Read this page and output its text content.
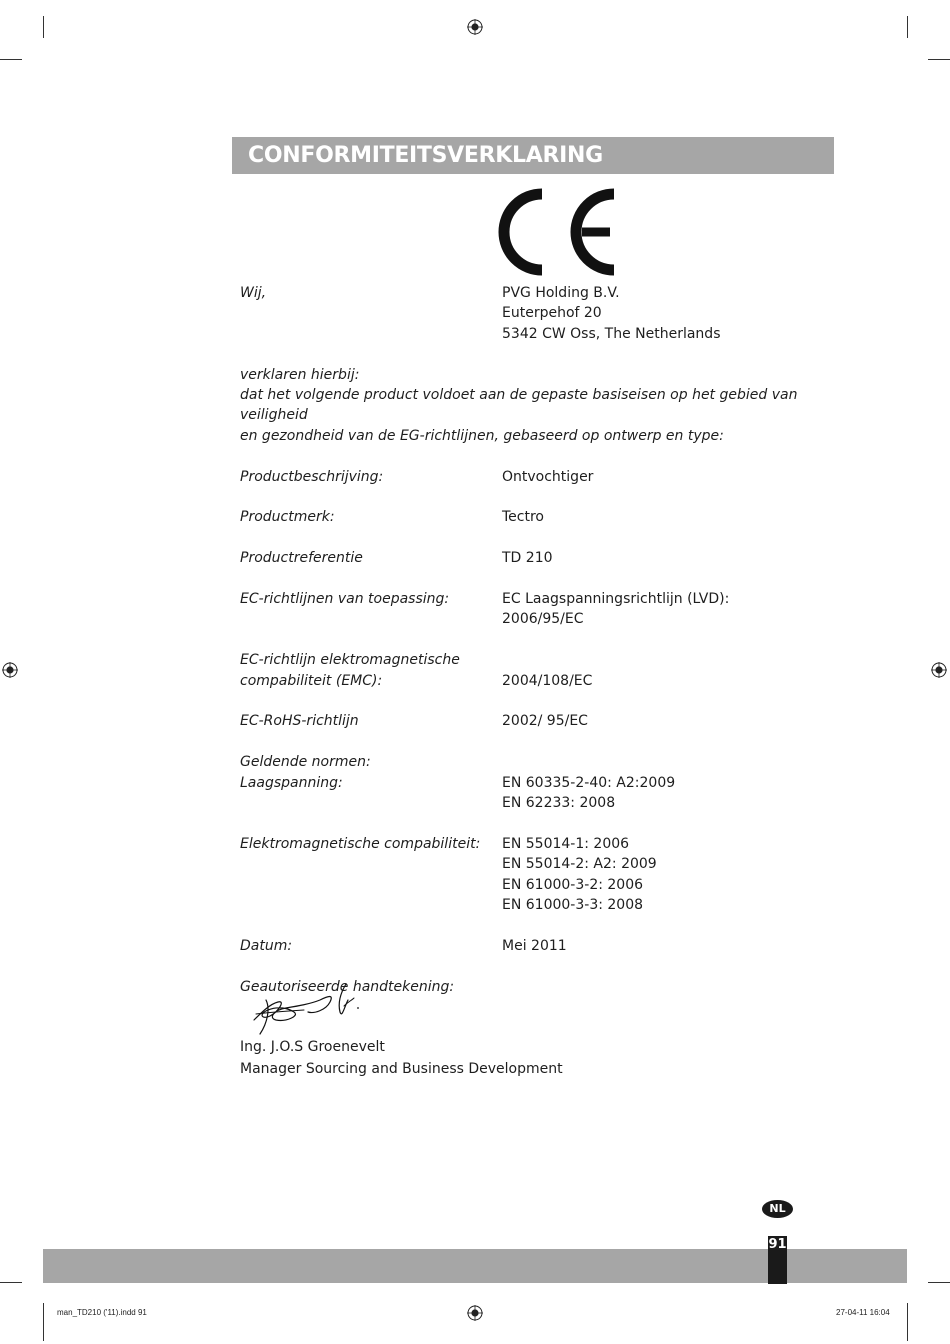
CONFORMITEITSVERKLARING
Wij,	PVG Holding B.V.
Euterpehof 20
5342 CW Oss, The Netherlands
verklaren hierbij:
dat het volgende product voldoet aan de gepaste basiseisen op het gebied van veiligheid
en gezondheid van de EG-richtlijnen, gebaseerd op ontwerp en type:
Productbeschrijving:	Ontvochtiger
Productmerk:	Tectro
Productreferentie	TD 210
EC-richtlijnen van toepassing:	EC Laagspanningsrichtlijn (LVD):
2006/95/EC
EC-richtlijn elektromagnetische
compabiliteit (EMC):	2004/108/EC
EC-RoHS-richtlijn	2002/ 95/EC
Geldende normen:
Laagspanning:	EN 60335-2-40: A2:2009
EN 62233: 2008
Elektromagnetische compabiliteit:	EN 55014-1: 2006
EN 55014-2: A2: 2009
EN 61000-3-2: 2006
EN 61000-3-3: 2008
Datum:	Mei 2011
Geautoriseerde handtekening:
Ing. J.O.S Groenevelt
Manager Sourcing and Business Development
NL
91
man_TD210 ('11).indd 91	27-04-11 16:04
